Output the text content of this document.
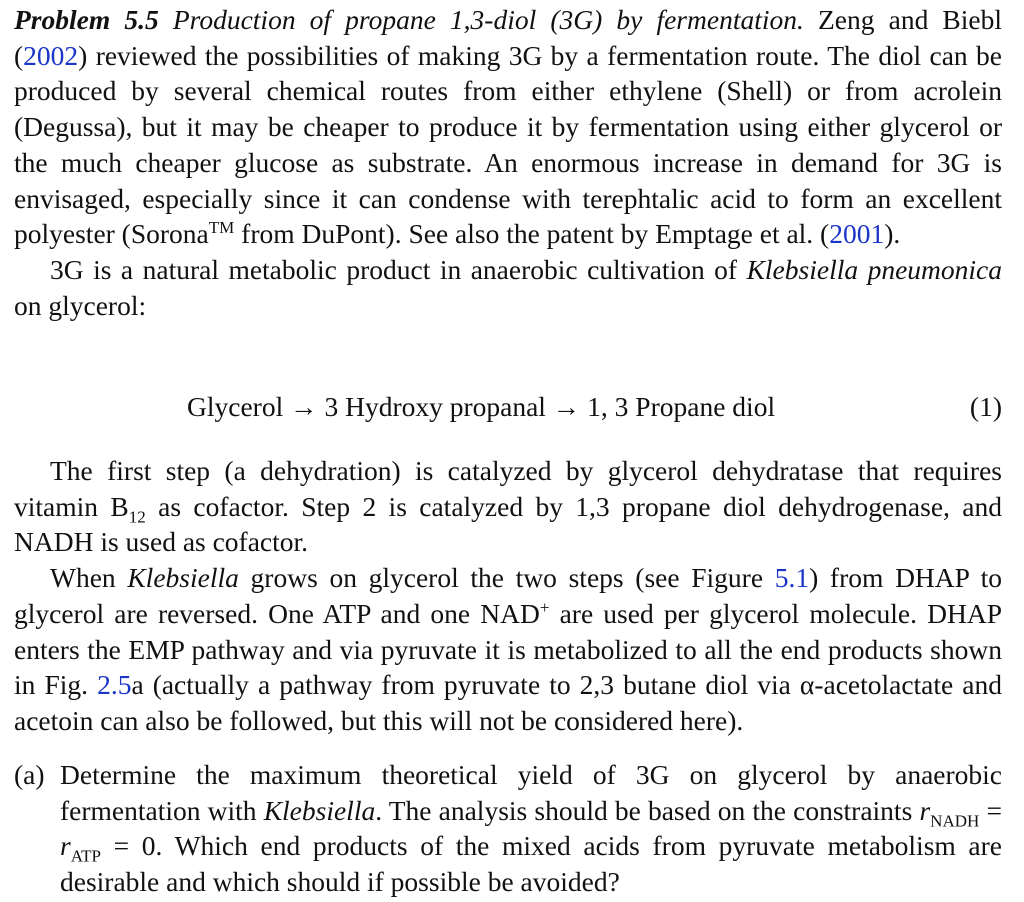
Problem 5.5 Production of propane 1,3-diol (3G) by fermentation. Zeng and Biebl (2002) reviewed the possibilities of making 3G by a fermentation route. The diol can be produced by several chemical routes from either ethylene (Shell) or from acrolein (Degussa), but it may be cheaper to produce it by fermentation using either glycerol or the much cheaper glucose as substrate. An enormous increase in demand for 3G is envisaged, especially since it can condense with terephtalic acid to form an excellent polyester (Sorona™ from DuPont). See also the patent by Emptage et al. (2001).

3G is a natural metabolic product in anaerobic cultivation of Klebsiella pneumonica on glycerol:

Glycerol → 3 Hydroxy propanal → 1, 3 Propane diol	(1)

The first step (a dehydration) is catalyzed by glycerol dehydratase that requires vitamin $B_{12}$ as cofactor. Step 2 is catalyzed by 1,3 propane diol dehydrogenase, and NADH is used as cofactor.

When Klebsiella grows on glycerol the two steps (see Figure 5.1) from DHAP to glycerol are reversed. One ATP and one NAD+ are used per glycerol molecule. DHAP enters the EMP pathway and via pyruvate it is metabolized to all the end products shown in Fig. 2.5a (actually a pathway from pyruvate to 2,3 butane diol via α-acetolactate and acetoin can also be followed, but this will not be considered here).

(a) Determine the maximum theoretical yield of 3G on glycerol by anaerobic fermentation with Klebsiella. The analysis should be based on the constraints $r_{NADH} = r_{ATP} = 0$. Which end products of the mixed acids from pyruvate metabolism are desirable and which should if possible be avoided?
